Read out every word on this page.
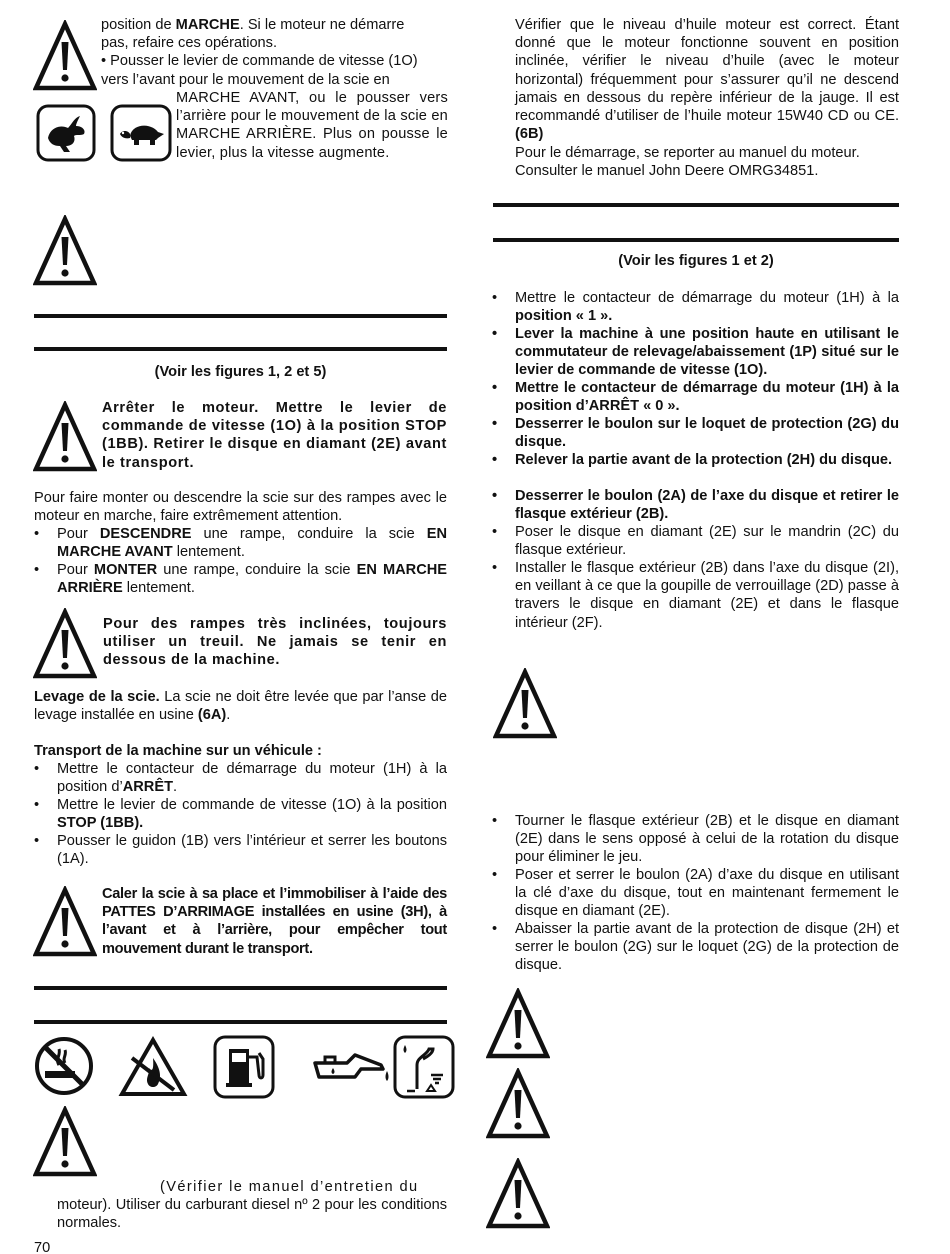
position de MARCHE. Si le moteur ne démarre
pas, refaire ces opérations.
• Pousser le levier de commande de vitesse (1O)
vers l’avant pour le mouvement de la scie en
MARCHE AVANT, ou le pousser vers l’arrière pour le mouvement de la scie en MARCHE ARRIÈRE. Plus on pousse le levier, plus la vitesse augmente.
(Voir les figures 1, 2 et 5)
Arrêter le moteur. Mettre le levier de commande de vitesse (1O) à la position STOP (1BB). Retirer le disque en diamant (2E) avant le transport.
Pour faire monter ou descendre la scie sur des rampes avec le moteur en marche, faire extrêmement attention.
• Pour DESCENDRE une rampe, conduire la scie EN MARCHE AVANT lentement.
• Pour MONTER une rampe, conduire la scie EN MARCHE ARRIÈRE lentement.
Pour des rampes très inclinées, toujours utiliser un treuil. Ne jamais se tenir en dessous de la machine.
Levage de la scie. La scie ne doit être levée que par l’anse de levage installée en usine (6A).
Transport de la machine sur un véhicule :
• Mettre le contacteur de démarrage du moteur (1H) à la position d’ARRÊT.
• Mettre le levier de commande de vitesse (1O) à la position STOP (1BB).
• Pousser le guidon (1B) vers l’intérieur et serrer les boutons (1A).
Caler la scie à sa place et l’immobiliser à l’aide des PATTES D’ARRIMAGE installées en usine (3H), à l’avant et à l’arrière, pour empêcher tout mouvement durant le transport.
(Vérifier le manuel d’entretien du
moteur). Utiliser du carburant diesel nº 2 pour les conditions normales.
70
Vérifier que le niveau d’huile moteur est correct. Étant donné que le moteur fonctionne souvent en position inclinée, vérifier le niveau d’huile (avec le moteur horizontal) fréquemment pour s’assurer qu’il ne descend jamais en dessous du repère inférieur de la jauge. Il est recommandé d’utiliser de l’huile moteur 15W40 CD ou CE. (6B)
Pour le démarrage, se reporter au manuel du moteur.
Consulter le manuel John Deere OMRG34851.
(Voir les figures 1 et 2)
• Mettre le contacteur de démarrage du moteur (1H) à la position « 1 ».
• Lever la machine à une position haute en utilisant le commutateur de relevage/abaissement (1P) situé sur le levier de commande de vitesse (1O).
• Mettre le contacteur de démarrage du moteur (1H) à la position d’ARRÊT « 0 ».
• Desserrer le boulon sur le loquet de protection (2G) du disque.
• Relever la partie avant de la protection (2H) du disque.
• Desserrer le boulon (2A) de l’axe du disque et retirer le flasque extérieur (2B).
• Poser le disque en diamant (2E) sur le mandrin (2C) du flasque extérieur.
• Installer le flasque extérieur (2B) dans l’axe du disque (2I), en veillant à ce que la goupille de verrouillage (2D) passe à travers le disque en diamant (2E) et dans le flasque intérieur (2F).
• Tourner le flasque extérieur (2B) et le disque en diamant (2E) dans le sens opposé à celui de la rotation du disque pour éliminer le jeu.
• Poser et serrer le boulon (2A) d’axe du disque en utilisant la clé d’axe du disque, tout en maintenant fermement le disque en diamant (2E).
• Abaisser la partie avant de la protection de disque (2H) et serrer le boulon (2G) sur le loquet (2G) de la protection de disque.
